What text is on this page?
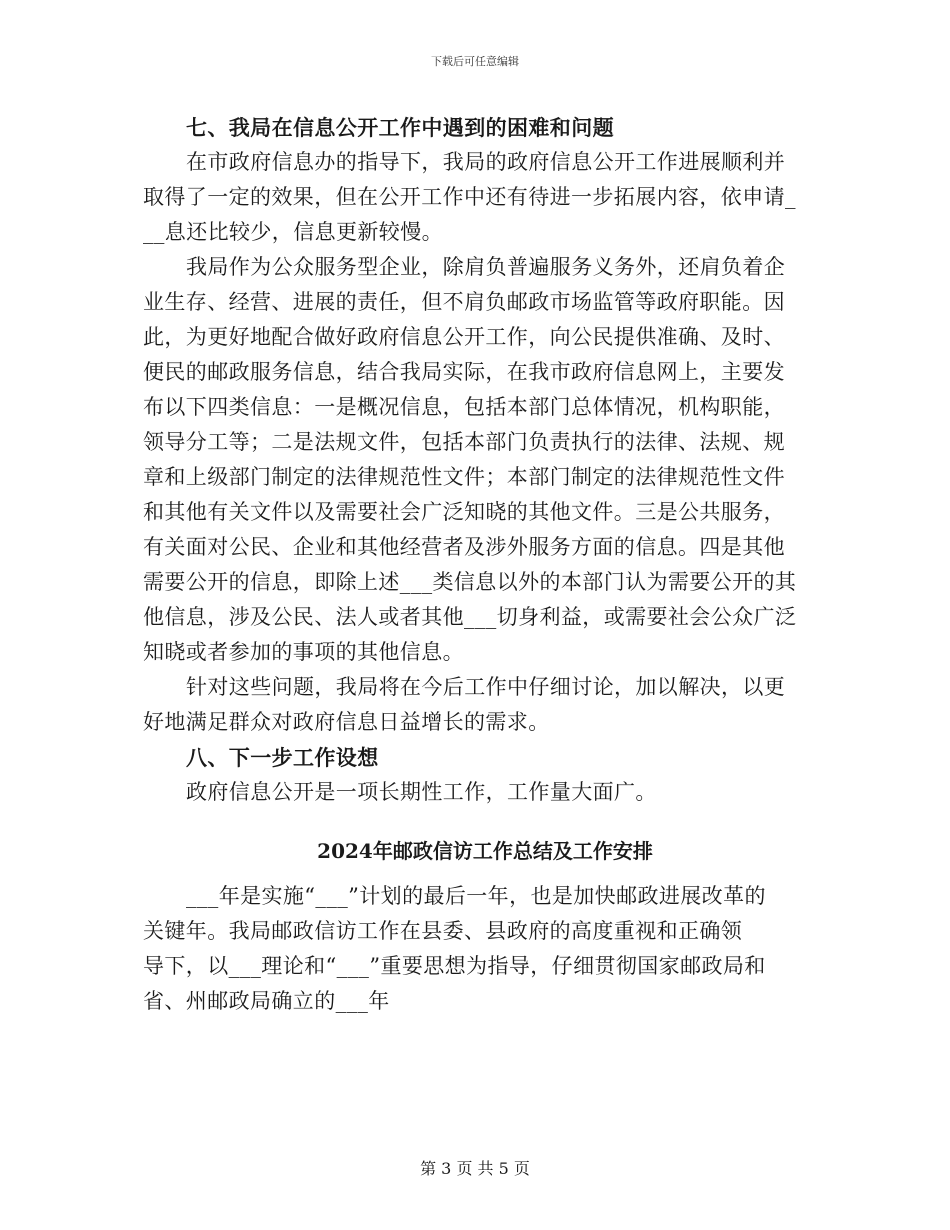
下载后可任意编辑
七、我局在信息公开工作中遇到的困难和问题
在市政府信息办的指导下，我局的政府信息公开工作进展顺利并
取得了一定的效果，但在公开工作中还有待进一步拓展内容，依申请_
__息还比较少，信息更新较慢。
我局作为公众服务型企业，除肩负普遍服务义务外，还肩负着企
业生存、经营、进展的责任，但不肩负邮政市场监管等政府职能。因
此，为更好地配合做好政府信息公开工作，向公民提供准确、及时、
便民的邮政服务信息，结合我局实际，在我市政府信息网上，主要发
布以下四类信息：一是概况信息，包括本部门总体情况，机构职能，
领导分工等；二是法规文件，包括本部门负责执行的法律、法规、规
章和上级部门制定的法律规范性文件；本部门制定的法律规范性文件
和其他有关文件以及需要社会广泛知晓的其他文件。三是公共服务，
有关面对公民、企业和其他经营者及涉外服务方面的信息。四是其他
需要公开的信息，即除上述___类信息以外的本部门认为需要公开的其
他信息，涉及公民、法人或者其他___切身利益，或需要社会公众广泛
知晓或者参加的事项的其他信息。
针对这些问题，我局将在今后工作中仔细讨论，加以解决，以更
好地满足群众对政府信息日益增长的需求。
八、下一步工作设想
政府信息公开是一项长期性工作，工作量大面广。
2024年邮政信访工作总结及工作安排
___年是实施“___”计划的最后一年，也是加快邮政进展改革的
关键年。我局邮政信访工作在县委、县政府的高度重视和正确领
导下，以___理论和“___”重要思想为指导，仔细贯彻国家邮政局和
省、州邮政局确立的___年
第 3 页 共 5 页
